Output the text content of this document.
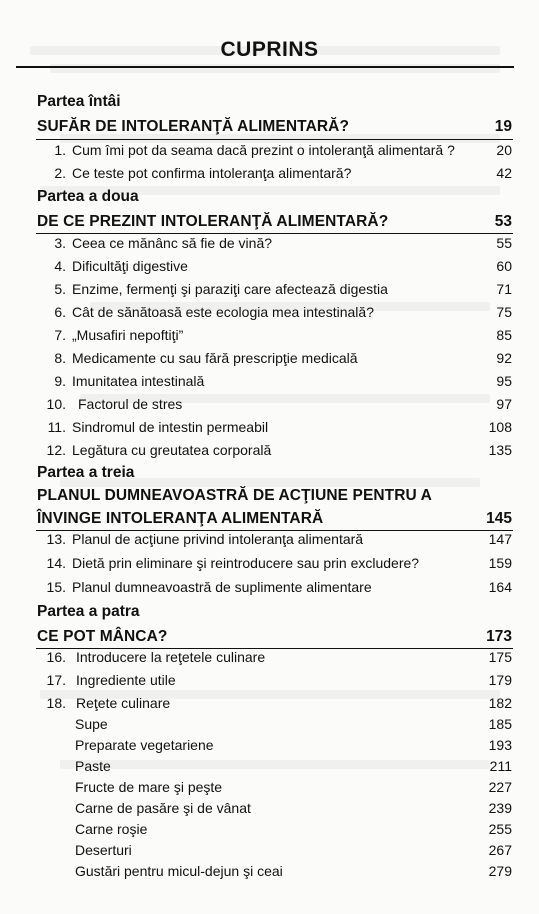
CUPRINS
Partea întâi
SUFĂR DE INTOLERANŢĂ ALIMENTARĂ?	19
1. Cum îmi pot da seama dacă prezint o intoleranţă alimentară ?	20
2. Ce teste pot confirma intoleranţa alimentară?	42
Partea a doua
DE CE PREZINT INTOLERANŢĂ ALIMENTARĂ?	53
3. Ceea ce mănânc să fie de vină?	55
4. Dificultăţi digestive	60
5. Enzime, fermenţi şi paraziţi care afectează digestia	71
6. Cât de sănătoasă este ecologia mea intestinală?	75
7. „Musafiri nepoftiţi”	85
8. Medicamente cu sau fără prescripţie medicală	92
9. Imunitatea intestinală	95
10. Factorul de stres	97
11. Sindromul de intestin permeabil	108
12. Legătura cu greutatea corporală	135
Partea a treia
PLANUL DUMNEAVOASTRĂ DE ACŢIUNE PENTRU A
ÎNVINGE INTOLERANŢA ALIMENTARĂ	145
13. Planul de acţiune privind intoleranţa alimentară	147
14. Dietă prin eliminare şi reintroducere sau prin excludere?	159
15. Planul dumneavoastră de suplimente alimentare	164
Partea a patra
CE POT MÂNCA?	173
16. Introducere la reţetele culinare	175
17. Ingrediente utile	179
18. Reţete culinare	182
Supe	185
Preparate vegetariene	193
Paste	211
Fructe de mare şi peşte	227
Carne de pasăre şi de vânat	239
Carne roşie	255
Deserturi	267
Gustări pentru micul-dejun şi ceai	279
